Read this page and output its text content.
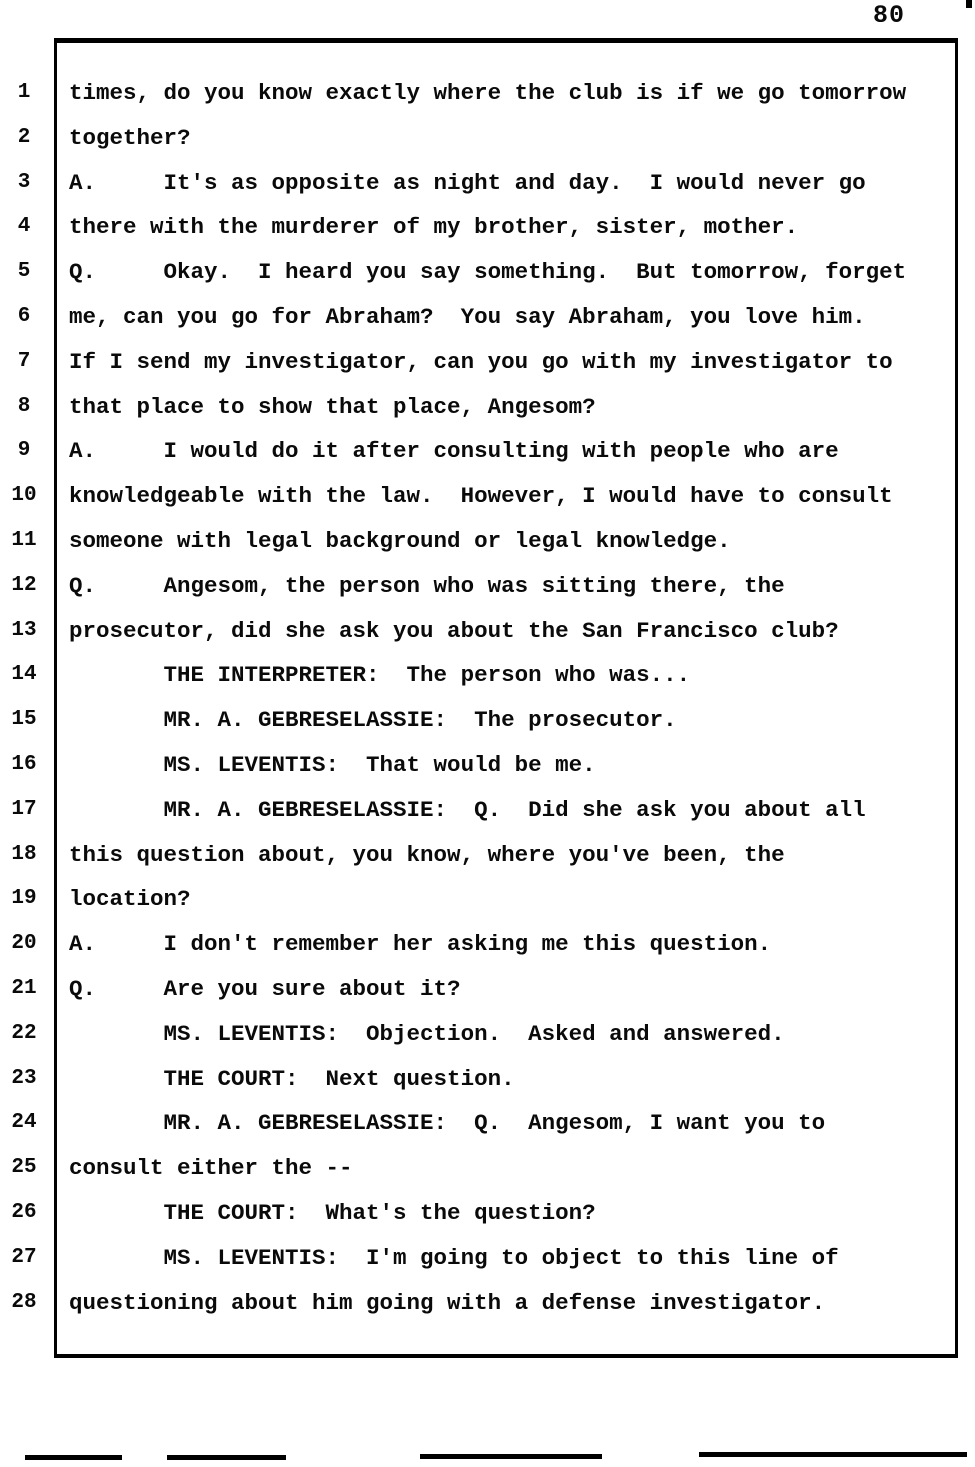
80
1	times, do you know exactly where the club is if we go tomorrow
2	together?
3	A.     It's as opposite as night and day.  I would never go
4	there with the murderer of my brother, sister, mother.
5	Q.     Okay.  I heard you say something.  But tomorrow, forget
6	me, can you go for Abraham?  You say Abraham, you love him.
7	If I send my investigator, can you go with my investigator to
8	that place to show that place, Angesom?
9	A.     I would do it after consulting with people who are
10 knowledgeable with the law.  However, I would have to consult
11 someone with legal background or legal knowledge.
12 Q.     Angesom, the person who was sitting there, the
13 prosecutor, did she ask you about the San Francisco club?
14 THE INTERPRETER:  The person who was...
15 MR. A. GEBRESELASSIE:  The prosecutor.
16 MS. LEVENTIS:  That would be me.
17 MR. A. GEBRESELASSIE:  Q.  Did she ask you about all
18 this question about, you know, where you've been, the
19 location?
20 A.     I don't remember her asking me this question.
21 Q.     Are you sure about it?
22 MS. LEVENTIS:  Objection.  Asked and answered.
23 THE COURT:  Next question.
24 MR. A. GEBRESELASSIE:  Q.  Angesom, I want you to
25 consult either the --
26 THE COURT:  What's the question?
27 MS. LEVENTIS:  I'm going to object to this line of
28 questioning about him going with a defense investigator.
